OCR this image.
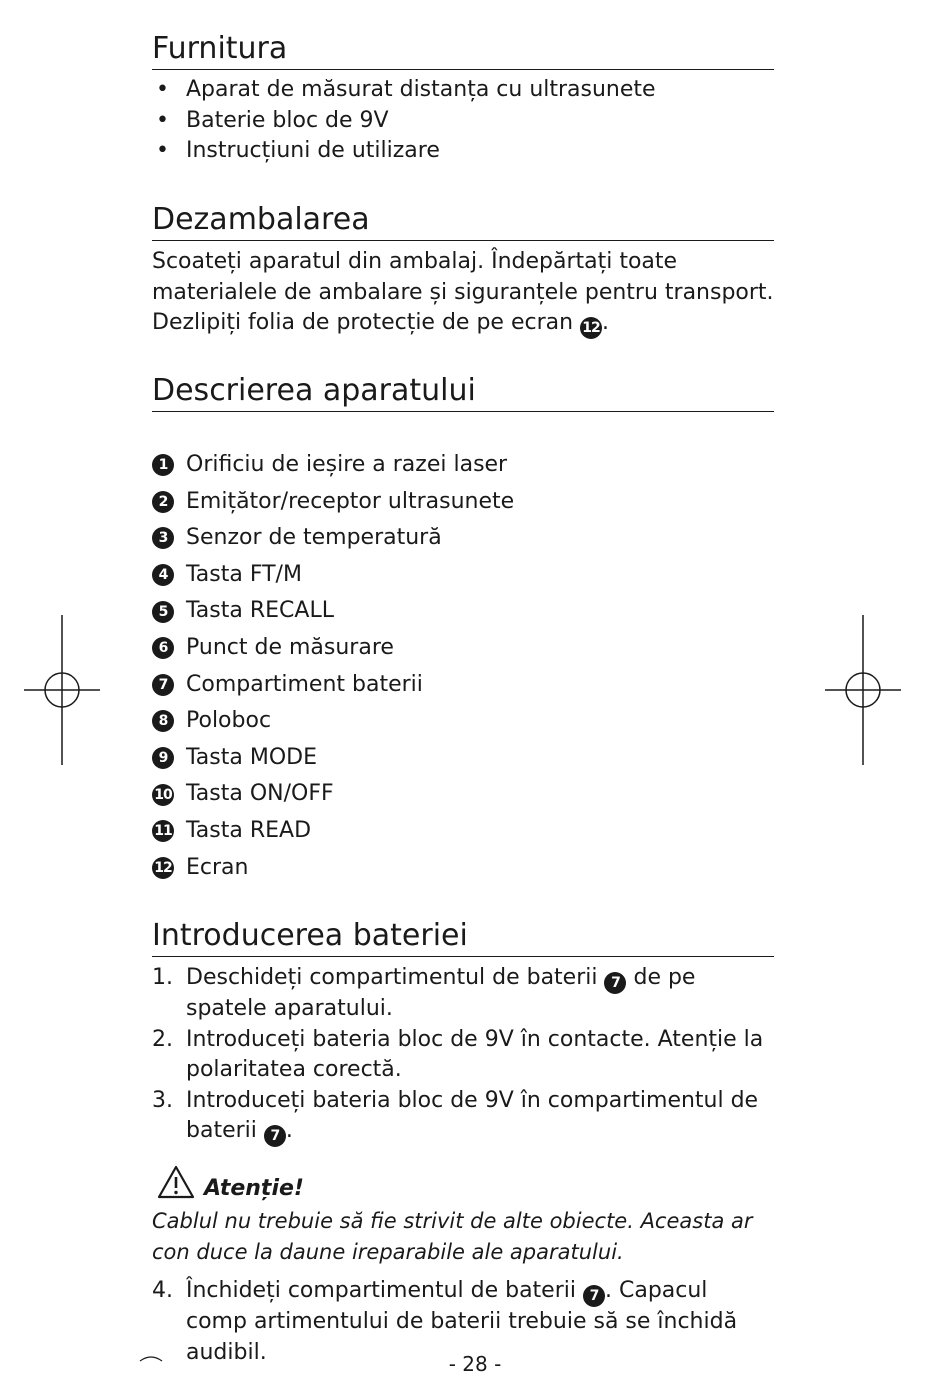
Furnitura
• Aparat de măsurat distanța cu ultrasunete
• Baterie bloc de 9V
• Instrucțiuni de utilizare
Dezambalarea

Scoateți aparatul din ambalaj. Îndepărtați toate materialele de ambalare și siguranțele pentru transport. Dezlipiți folia de protecție de pe ecran 12 .

Descrierea aparatului
1 Orificiu de ieșire a razei laser
2 Emițător/receptor ultrasunete
3 Senzor de temperatură
4 Tasta FT/M
5 Tasta RECALL
6 Punct de măsurare
7 Compartiment baterii
8 Poloboc
9 Tasta MODE
10 Tasta ON/OFF
11 Tasta READ
12 Ecran
Introducerea bateriei
1. Deschideți compartimentul de baterii 7 de pe spatele aparatului.
2. Introduceți bateria bloc de 9V în contacte. Atenție la polaritatea corectă.
3. Introduceți bateria bloc de 9V în compartimentul de baterii 7 .
Atenție!

Cablul nu trebuie să fie strivit de alte obiecte. Aceasta ar con duce la daune ireparabile ale aparatului.

4. Închideți compartimentul de baterii 7 . Capacul comp artimentului de baterii trebuie să se închidă audibil.	- 28 -
